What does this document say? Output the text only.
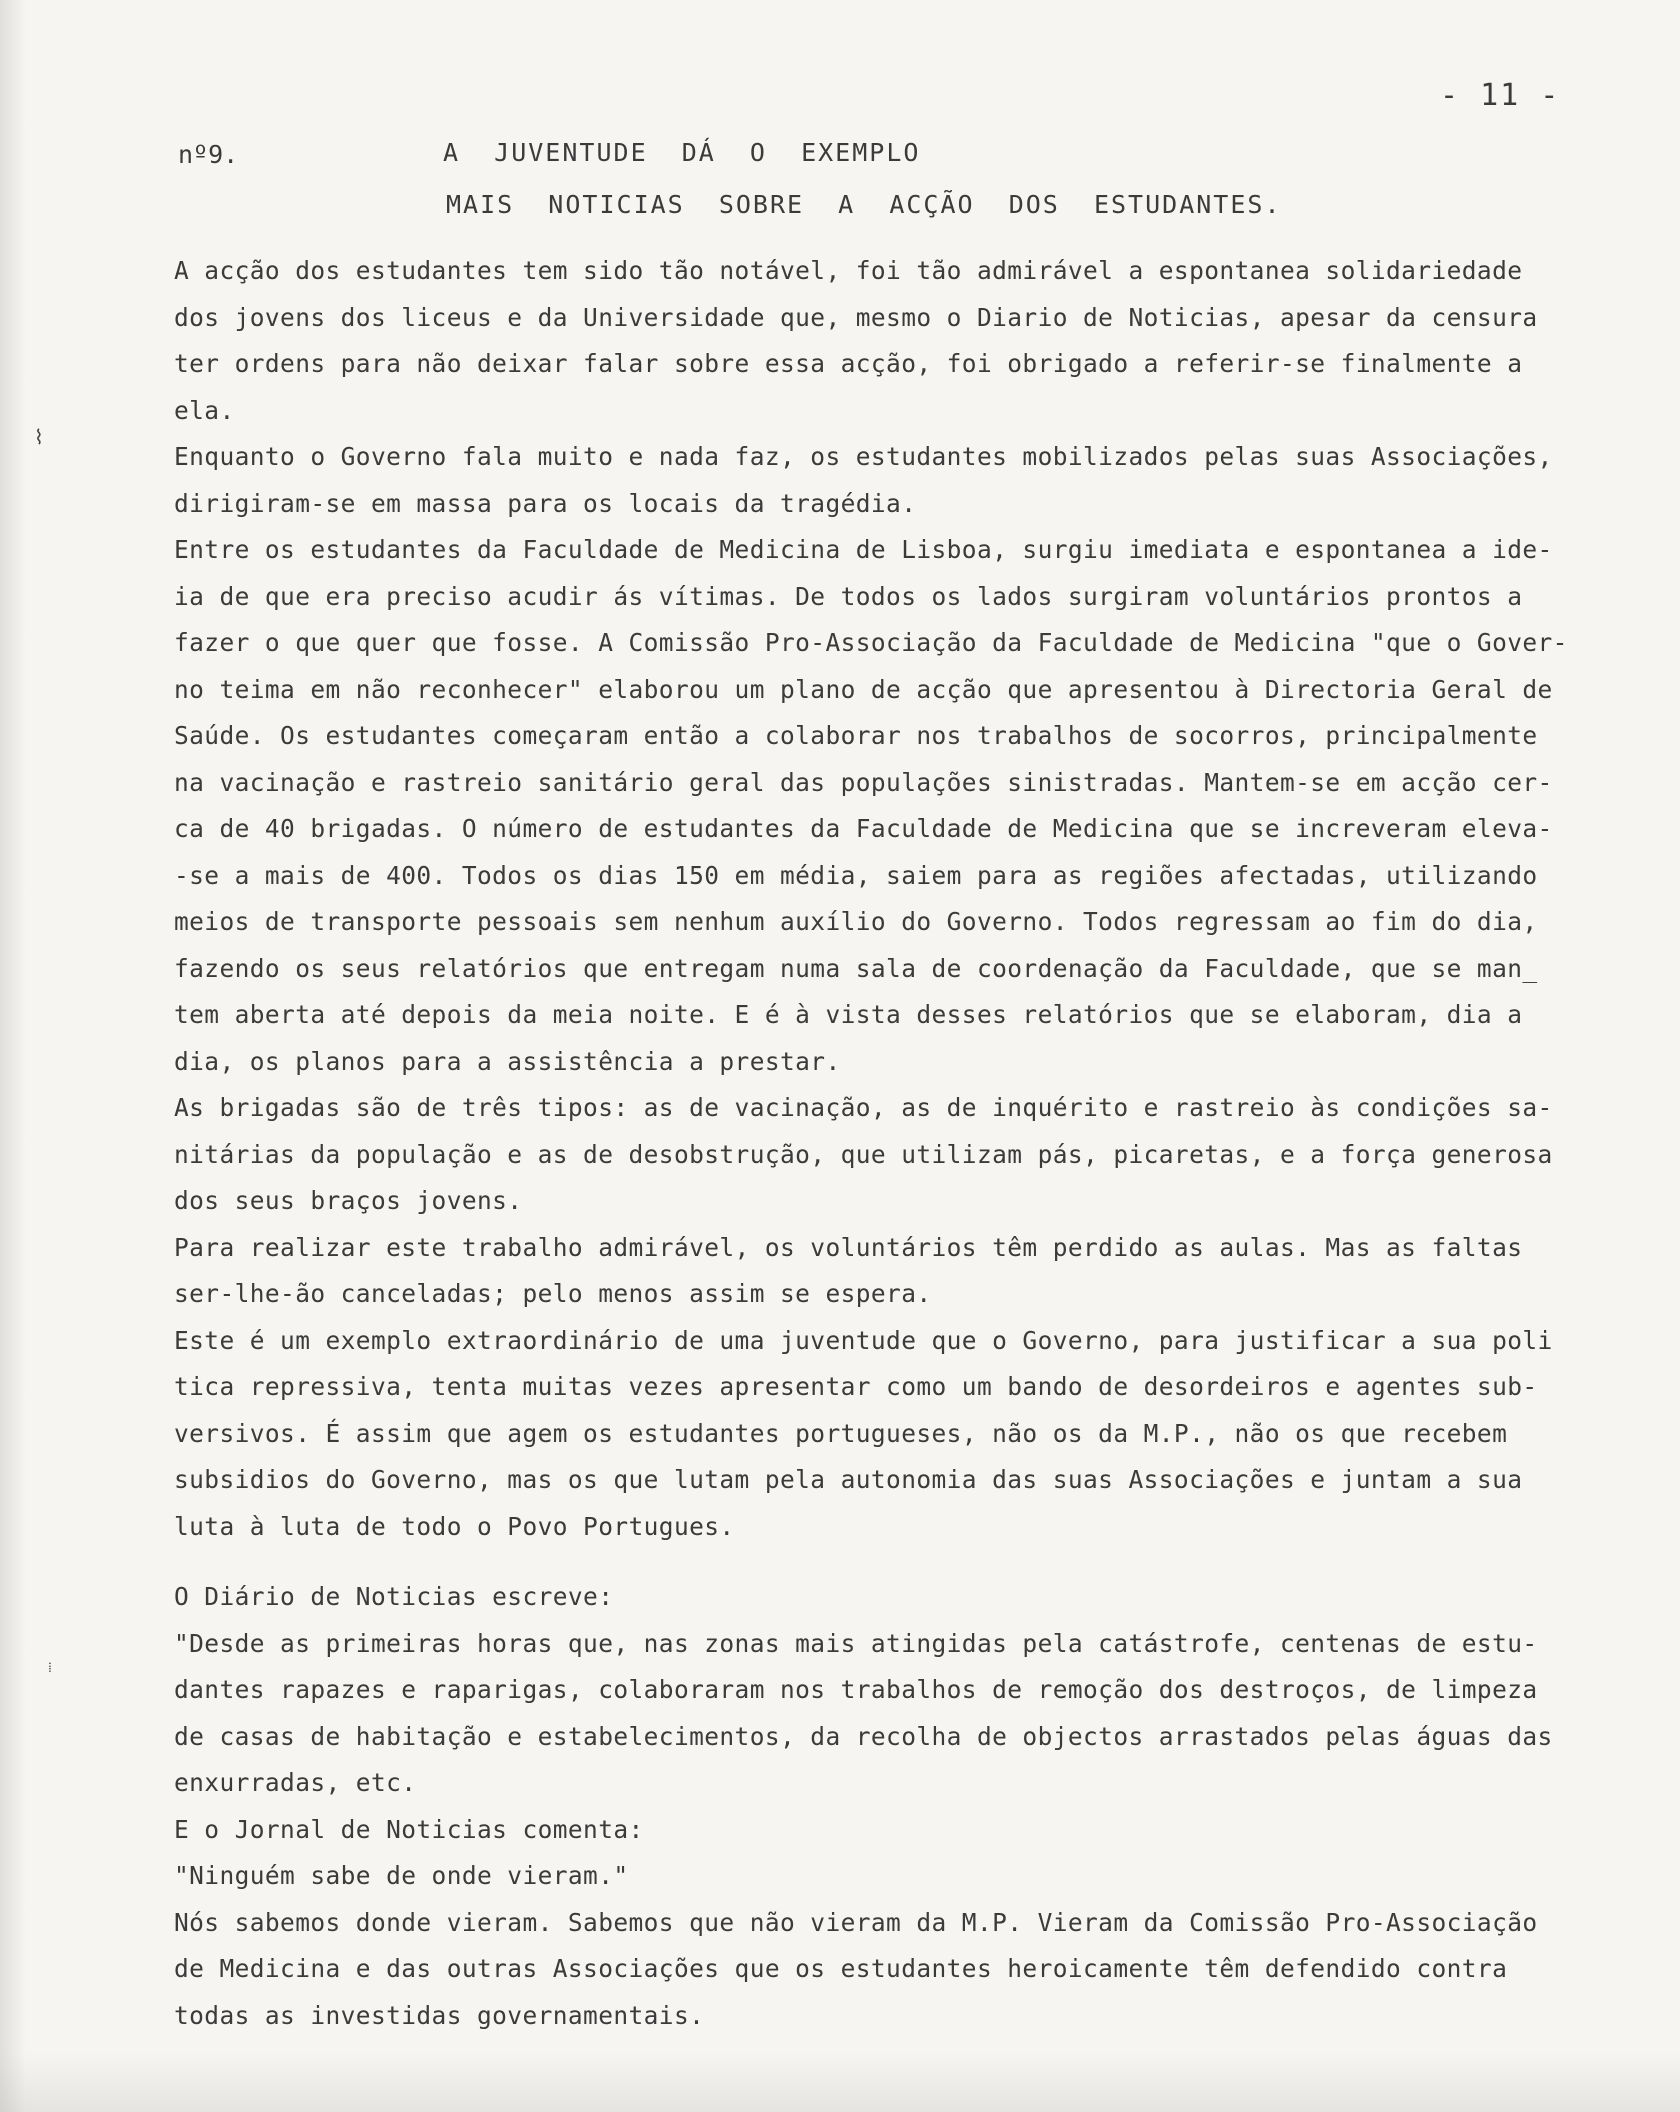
- 11 -
nº9.	A  JUVENTUDE  DÁ  O  EXEMPLO
MAIS  NOTICIAS  SOBRE  A  ACÇÃO  DOS  ESTUDANTES.
⌇
⁞
A acção dos estudantes tem sido tão notável, foi tão admirável a espontanea solidariedade
dos jovens dos liceus e da Universidade que, mesmo o Diario de Noticias, apesar da censura
ter ordens para não deixar falar sobre essa acção, foi obrigado a referir-se finalmente a
ela.
Enquanto o Governo fala muito e nada faz, os estudantes mobilizados pelas suas Associações,
dirigiram-se em massa para os locais da tragédia.
Entre os estudantes da Faculdade de Medicina de Lisboa, surgiu imediata e espontanea a ide-
ia de que era preciso acudir ás vítimas. De todos os lados surgiram voluntários prontos a
fazer o que quer que fosse. A Comissão Pro-Associação da Faculdade de Medicina "que o Gover-
no teima em não reconhecer" elaborou um plano de acção que apresentou à Directoria Geral de
Saúde. Os estudantes começaram então a colaborar nos trabalhos de socorros, principalmente
na vacinação e rastreio sanitário geral das populações sinistradas. Mantem-se em acção cer-
ca de 40 brigadas. O número de estudantes da Faculdade de Medicina que se increveram eleva-
-se a mais de 400. Todos os dias 150 em média, saiem para as regiões afectadas, utilizando
meios de transporte pessoais sem nenhum auxílio do Governo. Todos regressam ao fim do dia,
fazendo os seus relatórios que entregam numa sala de coordenação da Faculdade, que se man_
tem aberta até depois da meia noite. E é à vista desses relatórios que se elaboram, dia a
dia, os planos para a assistência a prestar.
As brigadas são de três tipos: as de vacinação, as de inquérito e rastreio às condições sa-
nitárias da população e as de desobstrução, que utilizam pás, picaretas, e a força generosa
dos seus braços jovens.
Para realizar este trabalho admirável, os voluntários têm perdido as aulas. Mas as faltas
ser-lhe-ão canceladas; pelo menos assim se espera.
Este é um exemplo extraordinário de uma juventude que o Governo, para justificar a sua poli
tica repressiva, tenta muitas vezes apresentar como um bando de desordeiros e agentes sub-
versivos. É assim que agem os estudantes portugueses, não os da M.P., não os que recebem
subsidios do Governo, mas os que lutam pela autonomia das suas Associações e juntam a sua
luta à luta de todo o Povo Portugues.
O Diário de Noticias escreve:
"Desde as primeiras horas que, nas zonas mais atingidas pela catástrofe, centenas de estu-
dantes rapazes e raparigas, colaboraram nos trabalhos de remoção dos destroços, de limpeza
de casas de habitação e estabelecimentos, da recolha de objectos arrastados pelas águas das
enxurradas, etc.
E o Jornal de Noticias comenta:
"Ninguém sabe de onde vieram."
Nós sabemos donde vieram. Sabemos que não vieram da M.P. Vieram da Comissão Pro-Associação
de Medicina e das outras Associações que os estudantes heroicamente têm defendido contra
todas as investidas governamentais.
